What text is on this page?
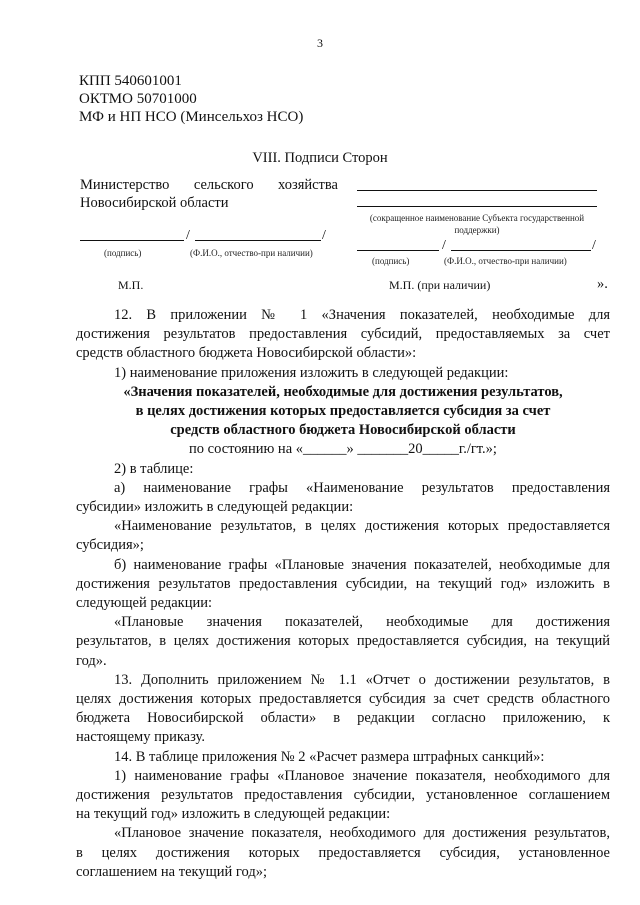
3
КПП 540601001
ОКТМО 50701000
МФ и НП НСО (Минсельхоз НСО)
VIII. Подписи Сторон
Министерство сельского хозяйства
Новосибирской области
(сокращенное наименование Субъекта государственной поддержки)
/	/
(подпись)	(Ф.И.О., отчество-при наличии)	/	/
(подпись)	(Ф.И.О., отчество-при наличии)
М.П.	М.П. (при наличии)	».

12. В приложении № 1 «Значения показателей, необходимые для

достижения результатов предоставления субсидий, предоставляемых за счет

средств областного бюджета Новосибирской области»:

1) наименование приложения изложить в следующей редакции:

«Значения показателей, необходимые для достижения результатов,

в целях достижения которых предоставляется субсидия за счет

средств областного бюджета Новосибирской области

по состоянию на «______» _______20_____г./гт.»;

2) в таблице:

а) наименование графы «Наименование результатов предоставления

субсидии» изложить в следующей редакции:

«Наименование результатов, в целях достижения которых предоставляется

субсидия»;

б) наименование графы «Плановые значения показателей, необходимые для

достижения результатов предоставления субсидии, на текущий год» изложить в

следующей редакции:

«Плановые значения показателей, необходимые для достижения

результатов, в целях достижения которых предоставляется субсидия, на текущий

год».

13. Дополнить приложением № 1.1 «Отчет о достижении результатов, в

целях достижения которых предоставляется субсидия за счет средств областного

бюджета Новосибирской области» в редакции согласно приложению, к

настоящему приказу.

14. В таблице приложения № 2 «Расчет размера штрафных санкций»:

1) наименование графы «Плановое значение показателя, необходимого для

достижения результатов предоставления субсидии, установленное соглашением

на текущий год» изложить в следующей редакции:

«Плановое значение показателя, необходимого для достижения результатов,

в целях достижения которых предоставляется субсидия, установленное

соглашением на текущий год»;
